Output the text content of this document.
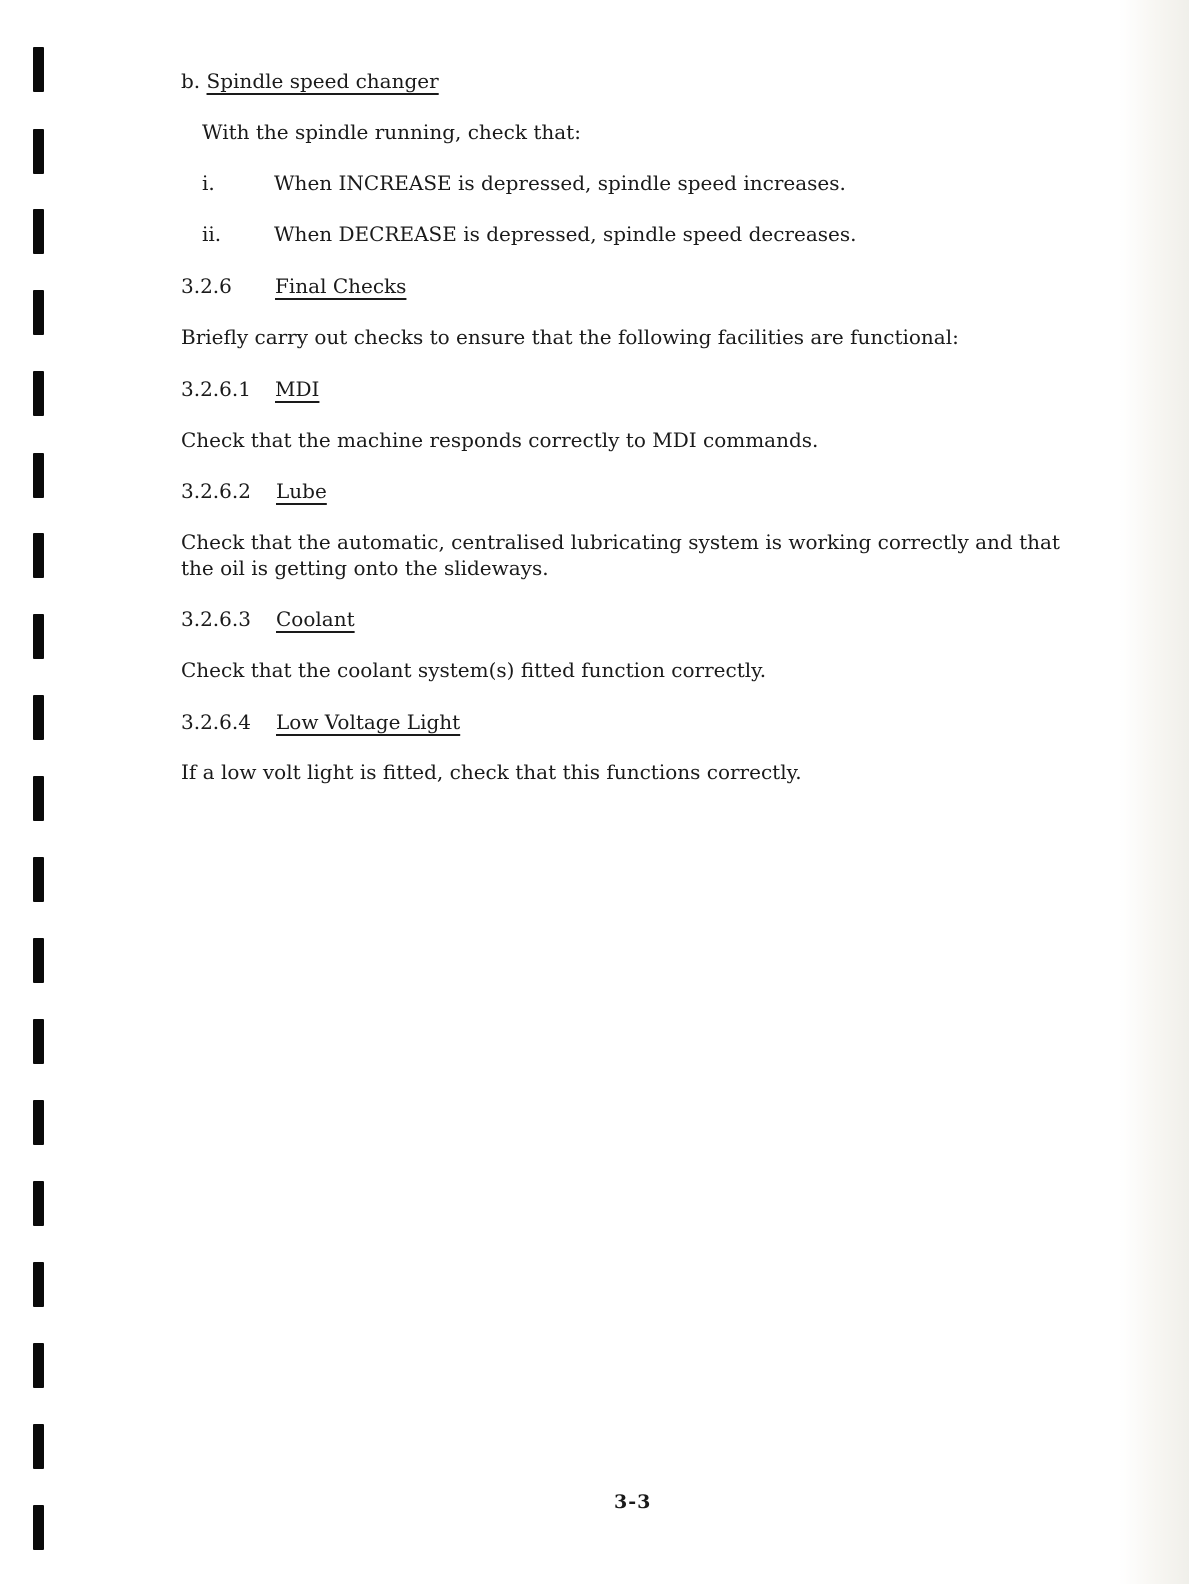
b. Spindle speed changer
With the spindle running, check that:
i.	When INCREASE is depressed, spindle speed increases.
ii.	When DECREASE is depressed, spindle speed decreases.
3.2.6 Final Checks
Briefly carry out checks to ensure that the following facilities are functional:
3.2.6.1 MDI
Check that the machine responds correctly to MDI commands.
3.2.6.2 Lube
Check that the automatic, centralised lubricating system is working correctly and that the oil is getting onto the slideways.
3.2.6.3 Coolant
Check that the coolant system(s) fitted function correctly.
3.2.6.4 Low Voltage Light
If a low volt light is fitted, check that this functions correctly.
3-3
